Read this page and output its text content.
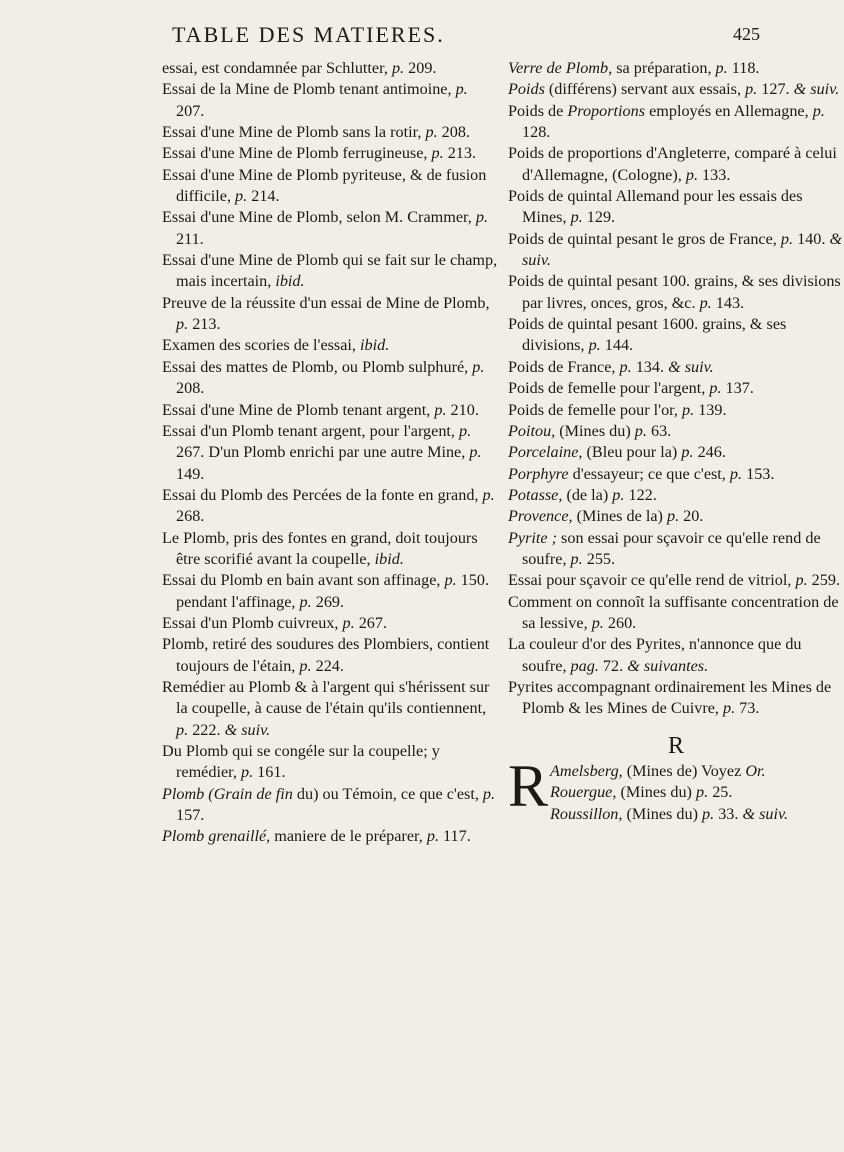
TABLE DES MATIERES.	425

essai, est condamnée par Schlutter, p. 209.

Essai de la Mine de Plomb tenant antimoine, p. 207.

Essai d'une Mine de Plomb sans la rotir, p. 208.

Essai d'une Mine de Plomb ferrugineuse, p. 213.

Essai d'une Mine de Plomb pyriteuse, & de fusion difficile, p. 214.

Essai d'une Mine de Plomb, selon M. Crammer, p. 211.

Essai d'une Mine de Plomb qui se fait sur le champ, mais incertain, ibid.

Preuve de la réussite d'un essai de Mine de Plomb, p. 213.

Examen des scories de l'essai, ibid.

Essai des mattes de Plomb, ou Plomb sulphuré, p. 208.

Essai d'une Mine de Plomb tenant argent, p. 210.

Essai d'un Plomb tenant argent, pour l'argent, p. 267. D'un Plomb enrichi par une autre Mine, p. 149.

Essai du Plomb des Percées de la fonte en grand, p. 268.

Le Plomb, pris des fontes en grand, doit toujours être scorifié avant la coupelle, ibid.

Essai du Plomb en bain avant son affinage, p. 150. pendant l'affinage, p. 269.

Essai d'un Plomb cuivreux, p. 267.

Plomb, retiré des soudures des Plombiers, contient toujours de l'étain, p. 224.

Remédier au Plomb & à l'argent qui s'hérissent sur la coupelle, à cause de l'étain qu'ils contiennent, p. 222. & suiv.

Du Plomb qui se congéle sur la coupelle; y remédier, p. 161.

Plomb (Grain de fin du) ou Témoin, ce que c'est, p. 157.

Plomb grenaillé, maniere de le préparer, p. 117.

Verre de Plomb, sa préparation, p. 118.

Poids (différens) servant aux essais, p. 127. & suiv.

Poids de Proportions employés en Allemagne, p. 128.

Poids de proportions d'Angleterre, comparé à celui d'Allemagne, (Cologne), p. 133.

Poids de quintal Allemand pour les essais des Mines, p. 129.

Poids de quintal pesant le gros de France, p. 140. & suiv.

Poids de quintal pesant 100. grains, & ses divisions par livres, onces, gros, &c. p. 143.

Poids de quintal pesant 1600. grains, & ses divisions, p. 144.

Poids de France, p. 134. & suiv.

Poids de femelle pour l'argent, p. 137.

Poids de femelle pour l'or, p. 139.

Poitou, (Mines du) p. 63.

Porcelaine, (Bleu pour la) p. 246.

Porphyre d'essayeur; ce que c'est, p. 153.

Potasse, (de la) p. 122.

Provence, (Mines de la) p. 20.

Pyrite ; son essai pour sçavoir ce qu'elle rend de soufre, p. 255.

Essai pour sçavoir ce qu'elle rend de vitriol, p. 259.

Comment on connoît la suffisante concentration de sa lessive, p. 260.

La couleur d'or des Pyrites, n'annonce que du soufre, pag. 72. & suivantes.

Pyrites accompagnant ordinairement les Mines de Plomb & les Mines de Cuivre, p. 73.

R
R Amelsberg, (Mines de) Voyez Or.
Rouergue, (Mines du) p. 25.
Roussillon, (Mines du) p. 33. & suiv.
